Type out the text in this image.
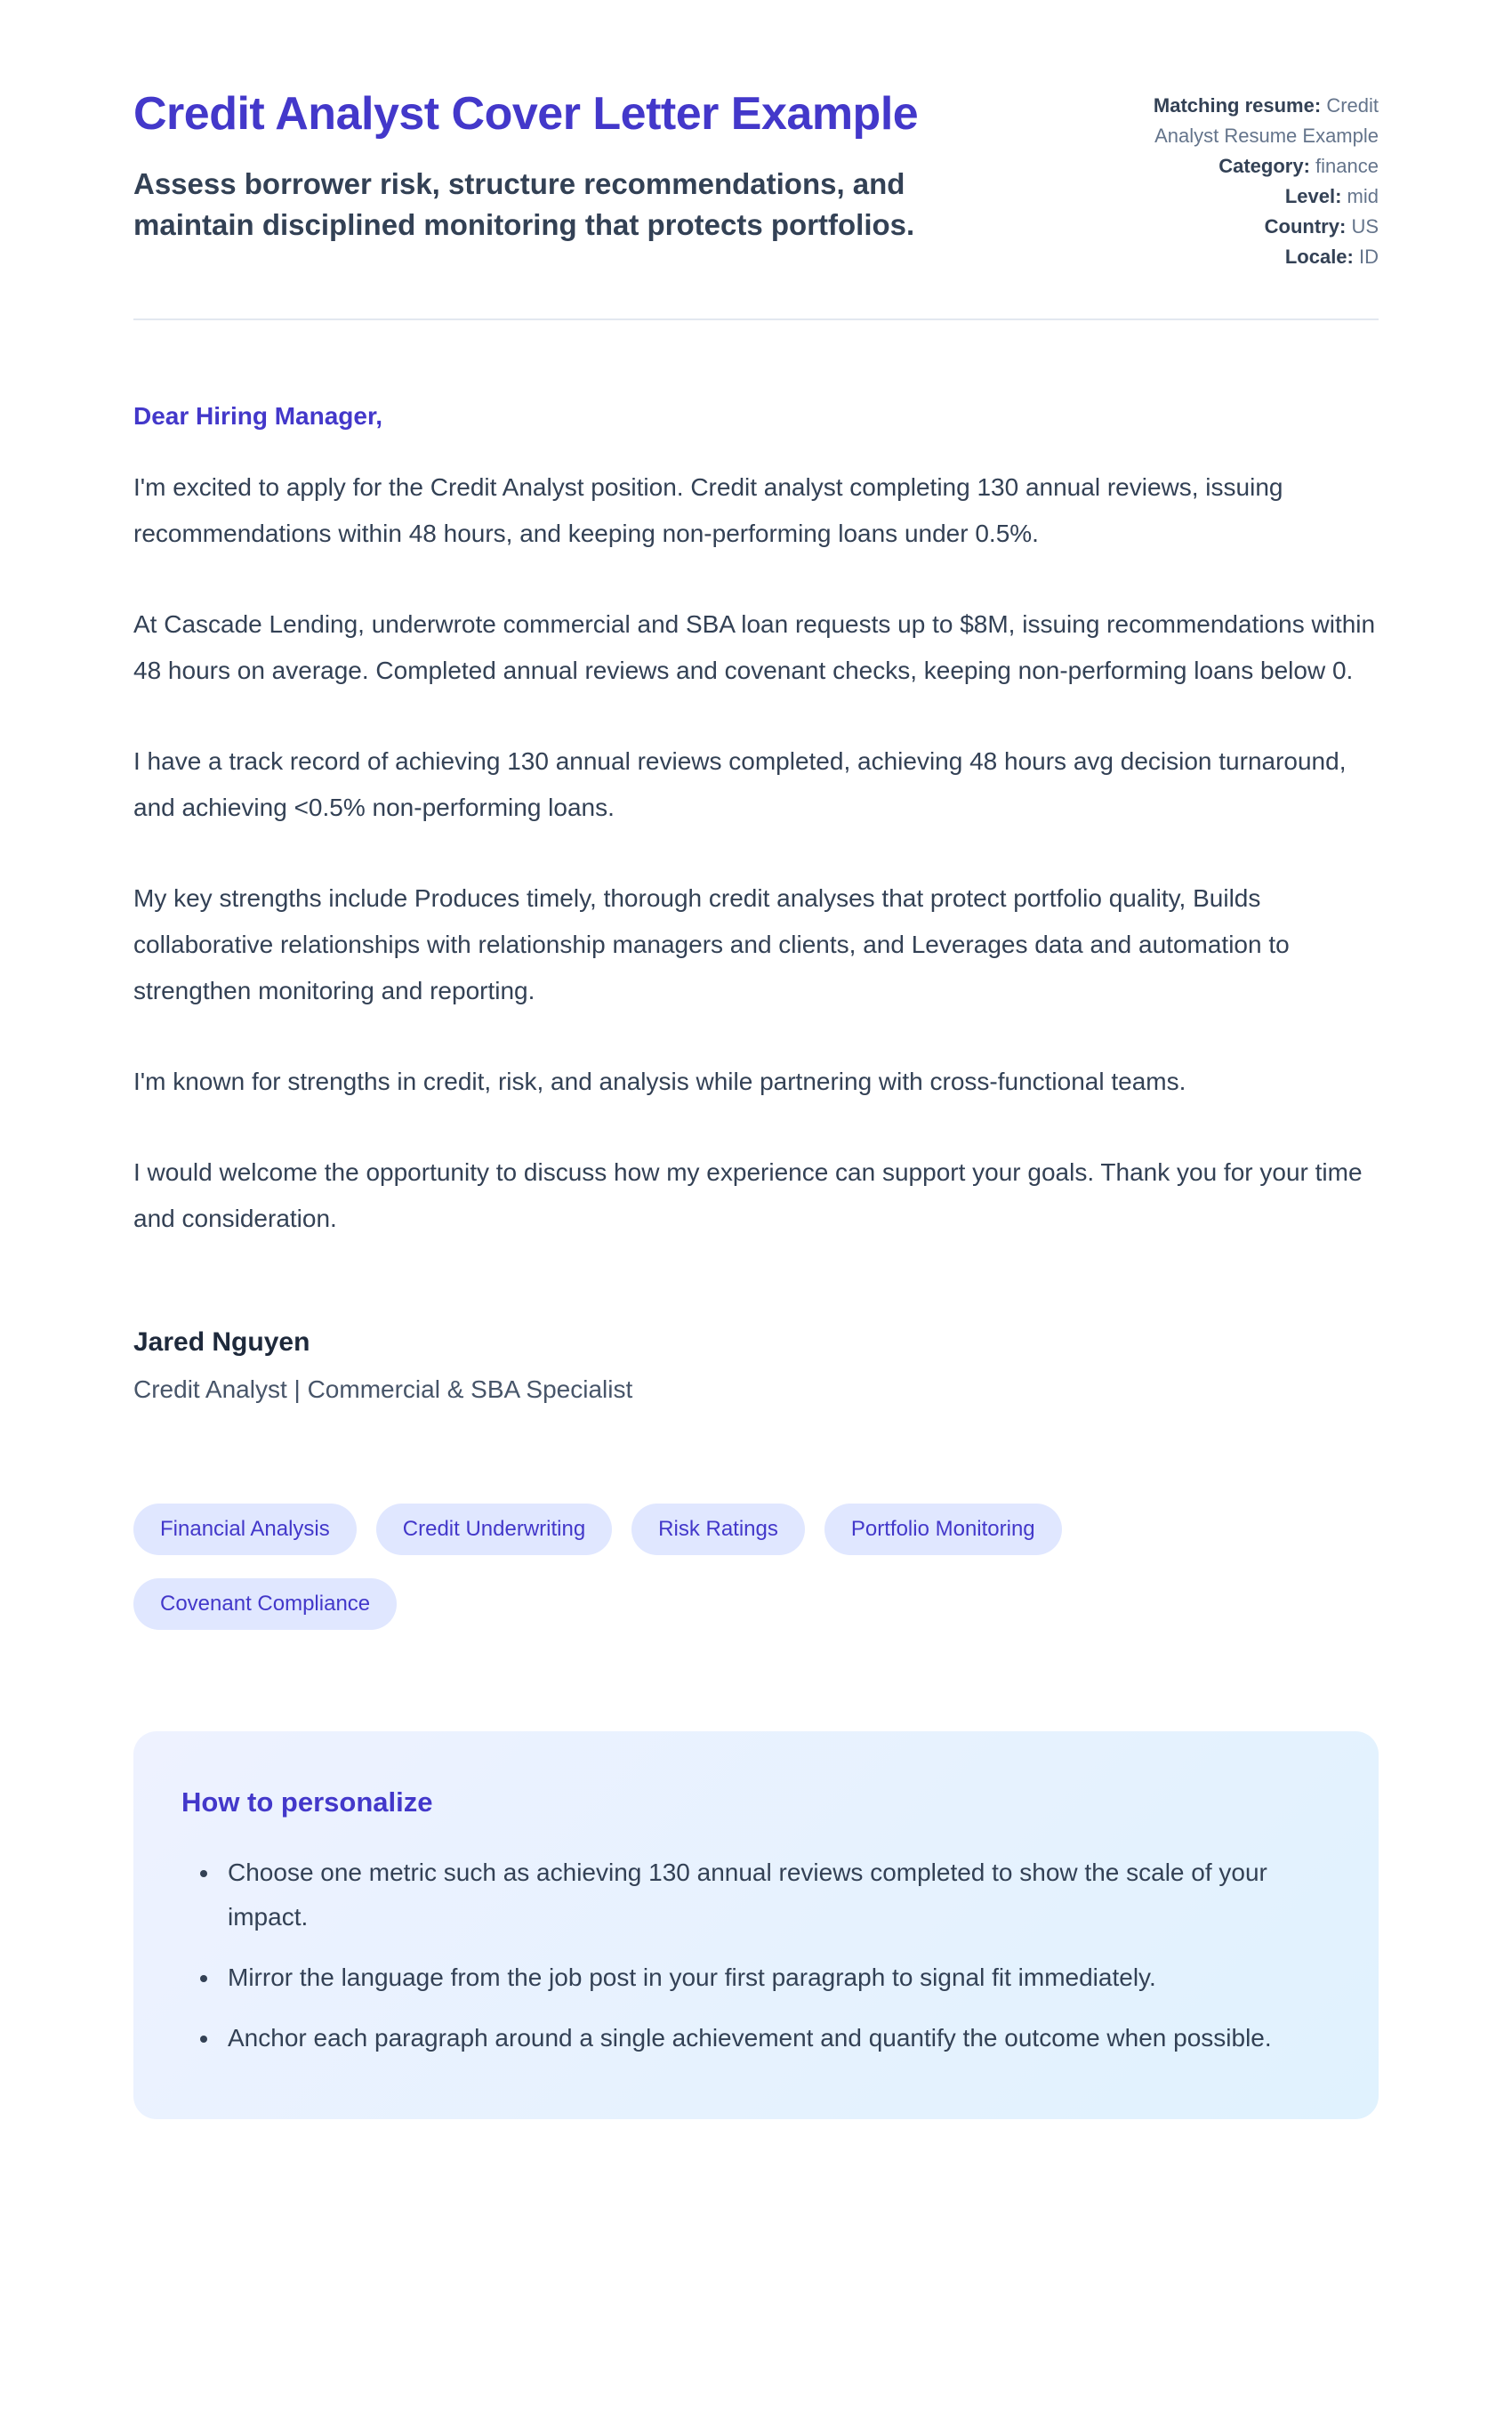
Credit Analyst Cover Letter Example

Assess borrower risk, structure recommendations, and maintain disciplined monitoring that protects portfolios.

Matching resume: Credit Analyst Resume Example
Category: finance
Level: mid
Country: US
Locale: ID

Dear Hiring Manager,

I'm excited to apply for the Credit Analyst position. Credit analyst completing 130 annual reviews, issuing recommendations within 48 hours, and keeping non-performing loans under 0.5%.

At Cascade Lending, underwrote commercial and SBA loan requests up to $8M, issuing recommendations within 48 hours on average. Completed annual reviews and covenant checks, keeping non-performing loans below 0.

I have a track record of achieving 130 annual reviews completed, achieving 48 hours avg decision turnaround, and achieving <0.5% non-performing loans.

My key strengths include Produces timely, thorough credit analyses that protect portfolio quality, Builds collaborative relationships with relationship managers and clients, and Leverages data and automation to strengthen monitoring and reporting.

I'm known for strengths in credit, risk, and analysis while partnering with cross-functional teams.

I would welcome the opportunity to discuss how my experience can support your goals. Thank you for your time and consideration.

Jared Nguyen

Credit Analyst | Commercial & SBA Specialist

Financial Analysis	Credit Underwriting	Risk Ratings	Portfolio Monitoring
Covenant Compliance
How to personalize
• Choose one metric such as achieving 130 annual reviews completed to show the scale of your impact.
• Mirror the language from the job post in your first paragraph to signal fit immediately.
• Anchor each paragraph around a single achievement and quantify the outcome when possible.
